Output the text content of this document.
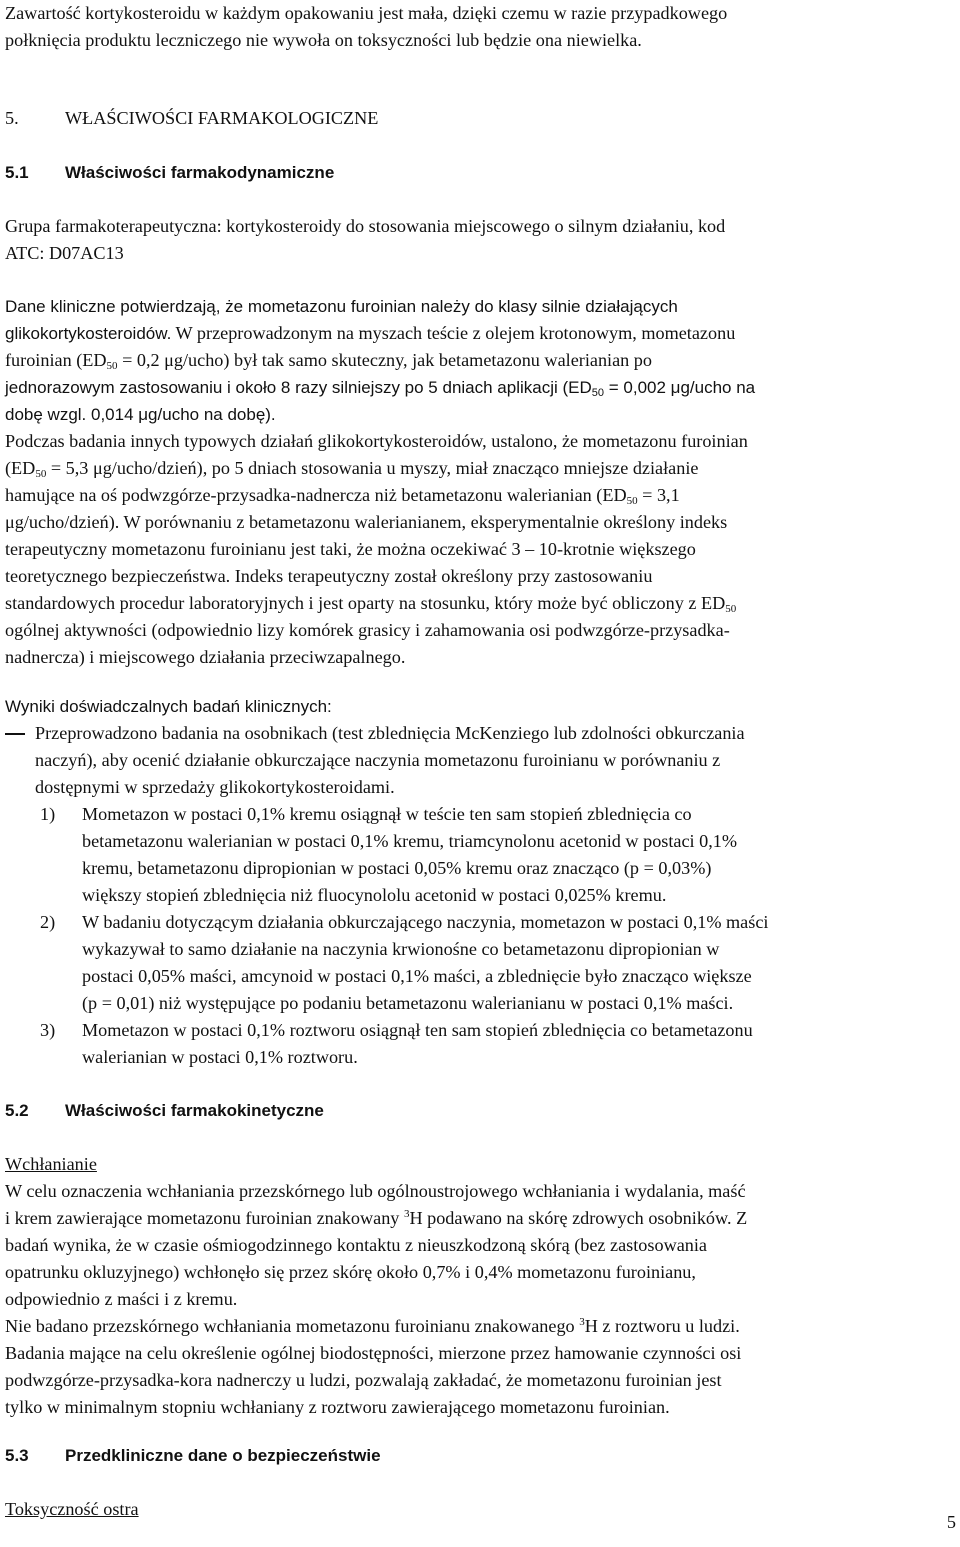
Zawartość kortykosteroidu w każdym opakowaniu jest mała, dzięki czemu w razie przypadkowego
połknięcia produktu leczniczego nie wywoła on toksyczności lub będzie ona niewielka.
5.	WŁAŚCIWOŚCI FARMAKOLOGICZNE
5.1 Właściwości farmakodynamiczne
Grupa farmakoterapeutyczna: kortykosteroidy do stosowania miejscowego o silnym działaniu, kod
ATC: D07AC13
Dane kliniczne potwierdzają, że mometazonu furoinian należy do klasy silnie działających
glikokortykosteroidów. W przeprowadzonym na myszach teście z olejem krotonowym, mometazonu
furoinian ($ED_{50} = 0,2$ μg/ucho) był tak samo skuteczny, jak betametazonu walerianian po
jednorazowym zastosowaniu i około 8 razy silniejszy po 5 dniach aplikacji ($ED_{50} = 0,002$ μg/ucho na
dobę wzgl. 0,014 μg/ucho na dobę).
Podczas badania innych typowych działań glikokortykosteroidów, ustalono, że mometazonu furoinian
($ED_{50} = 5,3$ μg/ucho/dzień), po 5 dniach stosowania u myszy, miał znacząco mniejsze działanie
hamujące na oś podwzgórze-przysadka-nadnercza niż betametazonu walerianian ($ED_{50} = 3,1$
μg/ucho/dzień). W porównaniu z betametazonu walerianianem, eksperymentalnie określony indeks
terapeutyczny mometazonu furoinianu jest taki, że można oczekiwać 3 – 10-krotnie większego
teoretycznego bezpieczeństwa. Indeks terapeutyczny został określony przy zastosowaniu
standardowych procedur laboratoryjnych i jest oparty na stosunku, który może być obliczony z $ED_{50}$
ogólnej aktywności (odpowiednio lizy komórek grasicy i zahamowania osi podwzgórze-przysadka-
nadnercza) i miejscowego działania przeciwzapalnego.
Wyniki doświadczalnych badań klinicznych:
Przeprowadzono badania na osobnikach (test zblednięcia McKenziego lub zdolności obkurczania
naczyń), aby ocenić działanie obkurczające naczynia mometazonu furoinianu w porównaniu z
dostępnymi w sprzedaży glikokortykosteroidami.
1) Mometazon w postaci 0,1% kremu osiągnął w teście ten sam stopień zblednięcia co
betametazonu walerianian w postaci 0,1% kremu, triamcynolonu acetonid w postaci 0,1%
kremu, betametazonu dipropionian w postaci 0,05% kremu oraz znacząco (p = 0,03%)
większy stopień zblednięcia niż fluocynololu acetonid w postaci 0,025% kremu.
2) W badaniu dotyczącym działania obkurczającego naczynia, mometazon w postaci 0,1% maści
wykazywał to samo działanie na naczynia krwionośne co betametazonu dipropionian w
postaci 0,05% maści, amcynoid w postaci 0,1% maści, a zblednięcie było znacząco większe
(p = 0,01) niż występujące po podaniu betametazonu walerianianu w postaci 0,1% maści.
3) Mometazon w postaci 0,1% roztworu osiągnął ten sam stopień zblednięcia co betametazonu
walerianian w postaci 0,1% roztworu.
5.2 Właściwości farmakokinetyczne
Wchłanianie
W celu oznaczenia wchłaniania przezskórnego lub ogólnoustrojowego wchłaniania i wydalania, maść
i krem zawierające mometazonu furoinian znakowany $^3$H podawano na skórę zdrowych osobników. Z
badań wynika, że w czasie ośmiogodzinnego kontaktu z nieuszkodzoną skórą (bez zastosowania
opatrunku okluzyjnego) wchłonęło się przez skórę około 0,7% i 0,4% mometazonu furoinianu,
odpowiednio z maści i z kremu.
Nie badano przezskórnego wchłaniania mometazonu furoinianu znakowanego $^3$H z roztworu u ludzi.
Badania mające na celu określenie ogólnej biodostępności, mierzone przez hamowanie czynności osi
podwzgórze-przysadka-kora nadnerczy u ludzi, pozwalają zakładać, że mometazonu furoinian jest
tylko w minimalnym stopniu wchłaniany z roztworu zawierającego mometazonu furoinian.
5.3 Przedkliniczne dane o bezpieczeństwie
Toksyczność ostra
5
